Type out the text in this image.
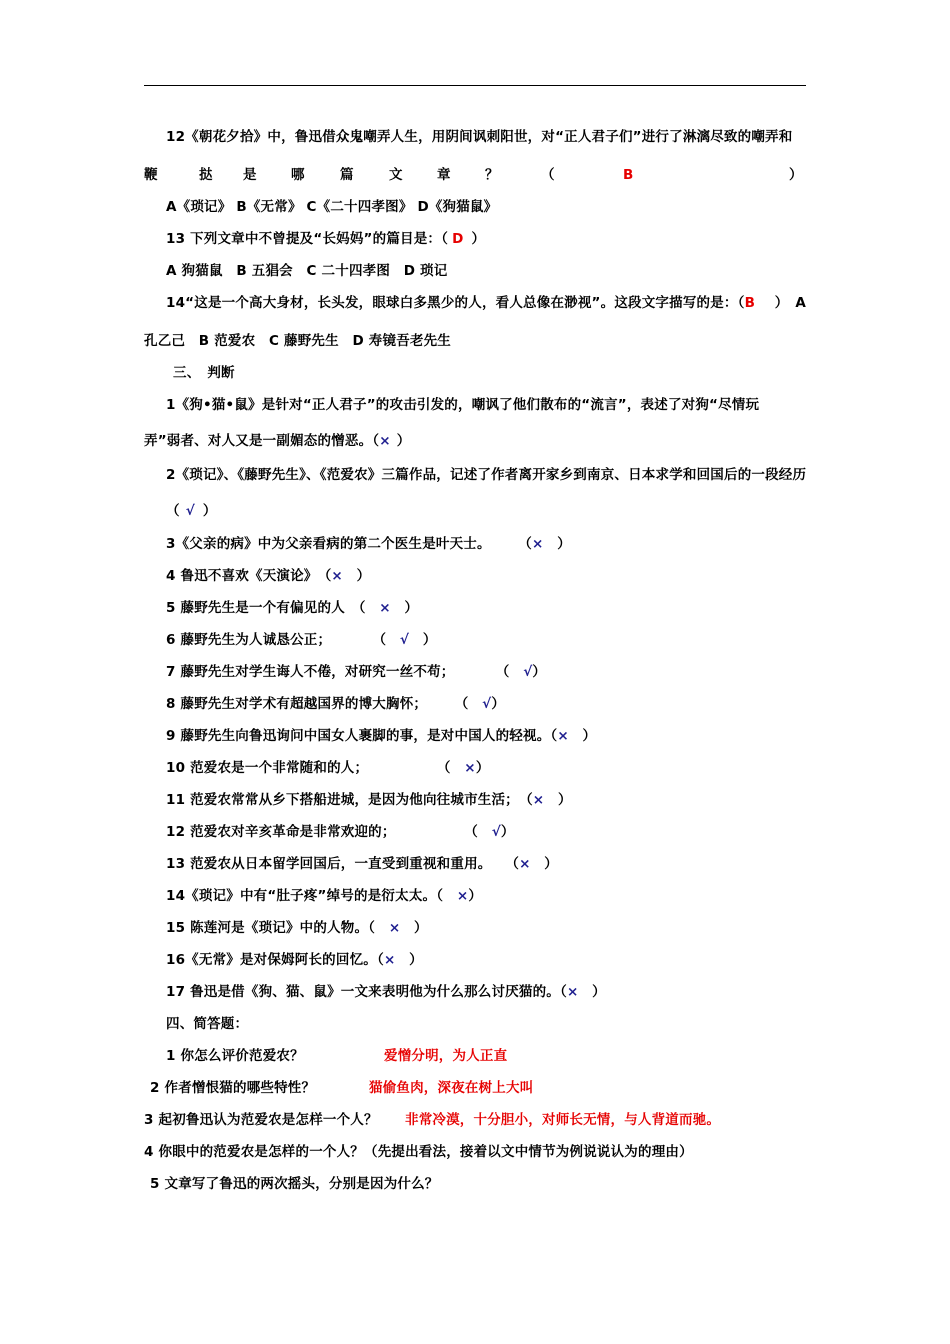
12《朝花夕拾》中，鲁迅借众鬼嘲弄人生，用阴间讽刺阳世，对“正人君子们”进行了淋漓尽致的嘲弄和
鞭	挞 是	哪	篇	文	章	？	（	B	）
A《琐记》 B《无常》 C《二十四孝图》 D《狗猫鼠》
13 下列文章中不曾提及“长妈妈”的篇目是：（ D ）
A 狗猫鼠　B 五猖会　C 二十四孝图　D 琐记
14“这是一个高大身材，长头发，眼球白多黑少的人，看人总像在渺视”。这段文字描写的是：（B ）　A
孔乙己　B 范爱农　C 藤野先生　D 寿镜吾老先生
三、　判断
1《狗•猫•鼠》是针对“正人君子”的攻击引发的，嘲讽了他们散布的“流言”，表述了对狗“尽情玩
弄”弱者、对人又是一副媚态的憎恶。（× ）
2《琐记》、《藤野先生》、《范爱农》三篇作品，记述了作者离开家乡到南京、日本求学和回国后的一段经历
（ √ ）
3《父亲的病》中为父亲看病的第二个医生是叶天士。　　　（×　）
4 鲁迅不喜欢《天演论》　（×　）
5 藤野先生是一个有偏见的人　（　×　）
6 藤野先生为人诚恳公正；　　　　（　√　）
7 藤野先生对学生诲人不倦，对研究一丝不苟；　　　　（　√）
8 藤野先生对学术有超越国界的博大胸怀；　　　（　√）
9 藤野先生向鲁迅询问中国女人裹脚的事，是对中国人的轻视。（×　）
10 范爱农是一个非常随和的人；　　　　　　（　×）
11 范爱农常常从乡下搭船进城，是因为他向往城市生活；　（×　）
12 范爱农对辛亥革命是非常欢迎的；　　　　　　（　√）
13 范爱农从日本留学回国后，一直受到重视和重用。　　（×　）
14《琐记》中有“肚子疼”绰号的是衍太太。（　×）
15 陈莲河是《琐记》中的人物。（　×　）
16《无常》是对保姆阿长的回忆。（×　）
17 鲁迅是借《狗、猫、鼠》一文来表明他为什么那么讨厌猫的。（×　）
四、简答题：
1 你怎么评价范爱农？	爱憎分明，为人正直
2 作者憎恨猫的哪些特性？	猫偷鱼肉，深夜在树上大叫
3 起初鲁迅认为范爱农是怎样一个人？ 非常冷漠，十分胆小，对师长无情，与人背道而驰。
4 你眼中的范爱农是怎样的一个人？（先提出看法，接着以文中情节为例说说认为的理由）
5 文章写了鲁迅的两次摇头，分别是因为什么？
